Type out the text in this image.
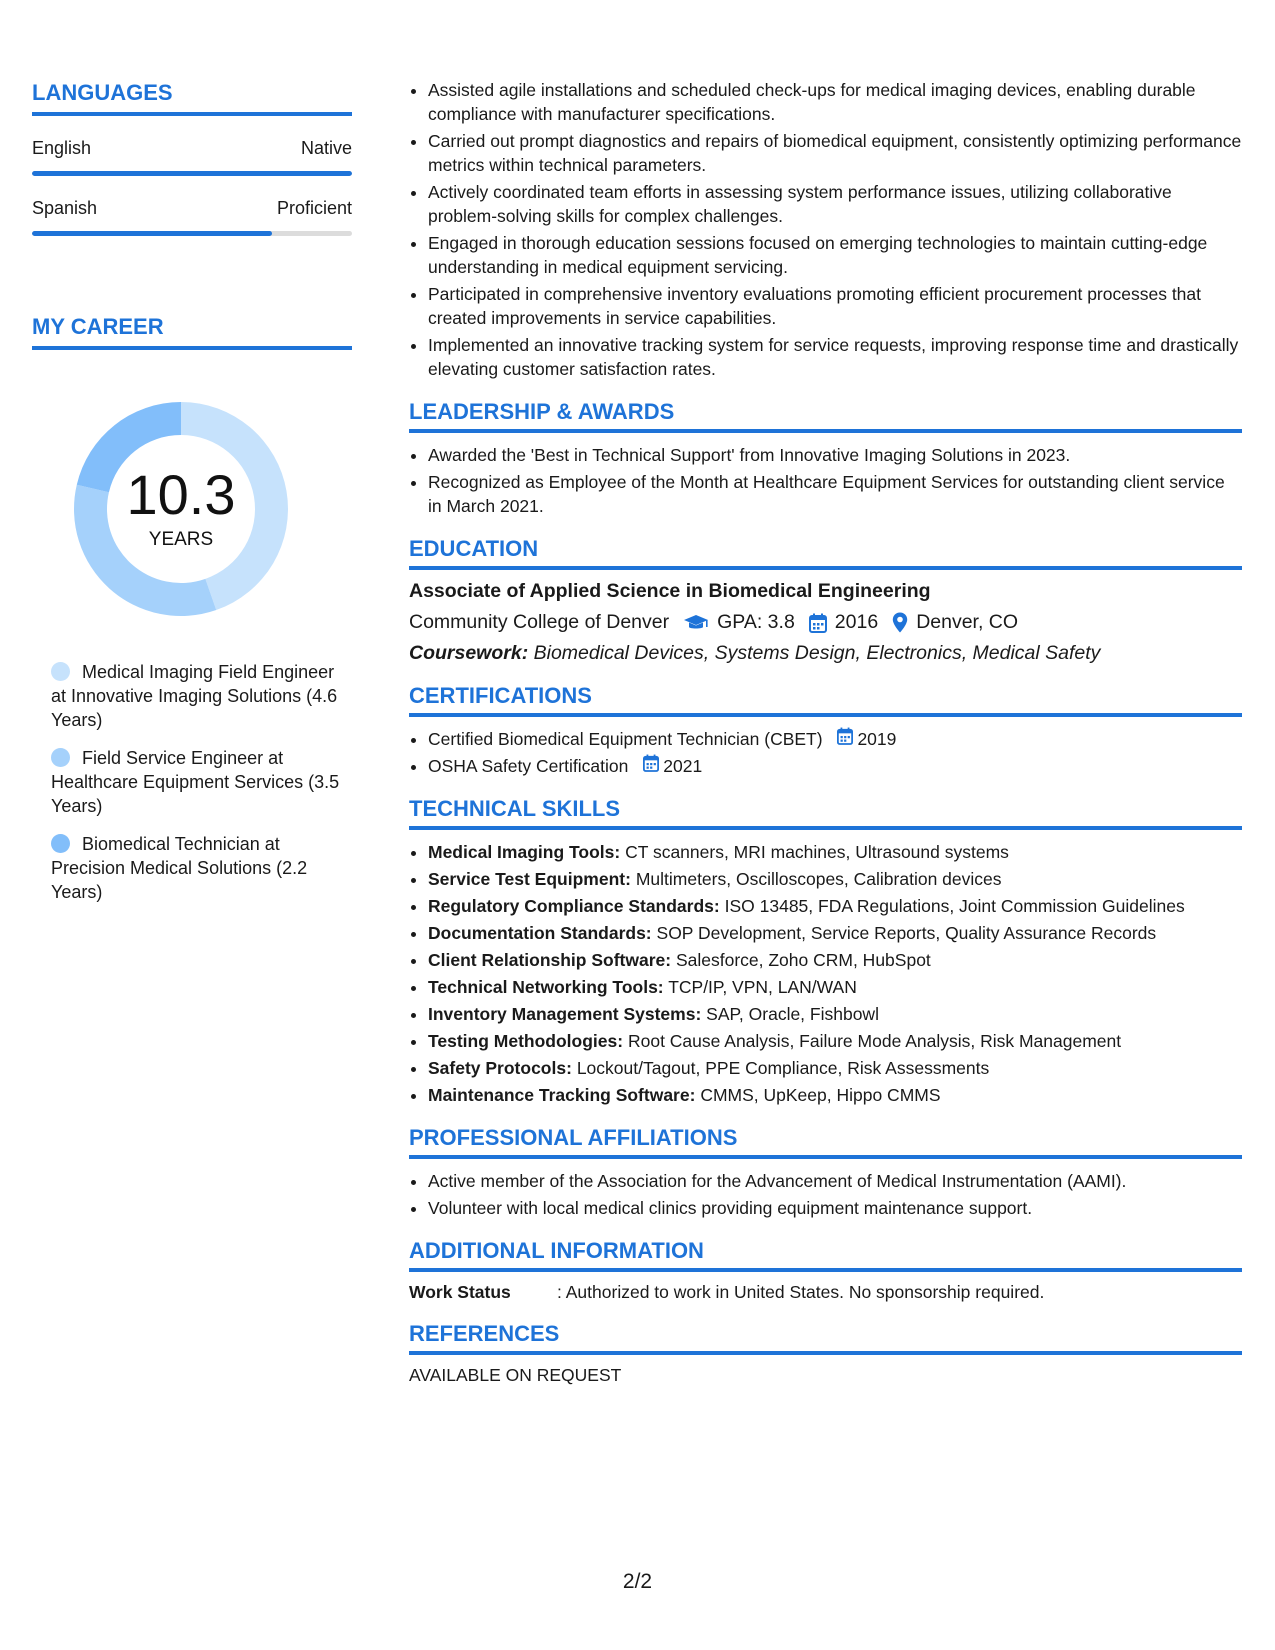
LANGUAGES
English	Native
Spanish	Proficient
MY CAREER
10.3
YEARS
Medical Imaging Field Engineer at Innovative Imaging Solutions (4.6 Years)
Field Service Engineer at Healthcare Equipment Services (3.5 Years)
Biomedical Technician at Precision Medical Solutions (2.2 Years)
• Assisted agile installations and scheduled check-ups for medical imaging devices, enabling durable compliance with manufacturer specifications.
• Carried out prompt diagnostics and repairs of biomedical equipment, consistently optimizing performance metrics within technical parameters.
• Actively coordinated team efforts in assessing system performance issues, utilizing collaborative problem-solving skills for complex challenges.
• Engaged in thorough education sessions focused on emerging technologies to maintain cutting-edge understanding in medical equipment servicing.
• Participated in comprehensive inventory evaluations promoting efficient procurement processes that created improvements in service capabilities.
• Implemented an innovative tracking system for service requests, improving response time and drastically elevating customer satisfaction rates.
LEADERSHIP & AWARDS
• Awarded the 'Best in Technical Support' from Innovative Imaging Solutions in 2023.
• Recognized as Employee of the Month at Healthcare Equipment Services for outstanding client service in March 2021.
EDUCATION
Associate of Applied Science in Biomedical Engineering
Community College of Denver GPA: 3.8 2016 Denver, CO
Coursework: Biomedical Devices, Systems Design, Electronics, Medical Safety
CERTIFICATIONS
• Certified Biomedical Equipment Technician (CBET) 2019
• OSHA Safety Certification 2021
TECHNICAL SKILLS
• Medical Imaging Tools: CT scanners, MRI machines, Ultrasound systems
• Service Test Equipment: Multimeters, Oscilloscopes, Calibration devices
• Regulatory Compliance Standards: ISO 13485, FDA Regulations, Joint Commission Guidelines
• Documentation Standards: SOP Development, Service Reports, Quality Assurance Records
• Client Relationship Software: Salesforce, Zoho CRM, HubSpot
• Technical Networking Tools: TCP/IP, VPN, LAN/WAN
• Inventory Management Systems: SAP, Oracle, Fishbowl
• Testing Methodologies: Root Cause Analysis, Failure Mode Analysis, Risk Management
• Safety Protocols: Lockout/Tagout, PPE Compliance, Risk Assessments
• Maintenance Tracking Software: CMMS, UpKeep, Hippo CMMS
PROFESSIONAL AFFILIATIONS
• Active member of the Association for the Advancement of Medical Instrumentation (AAMI).
• Volunteer with local medical clinics providing equipment maintenance support.
ADDITIONAL INFORMATION
Work Status	: Authorized to work in United States. No sponsorship required.
REFERENCES
AVAILABLE ON REQUEST
2/2
